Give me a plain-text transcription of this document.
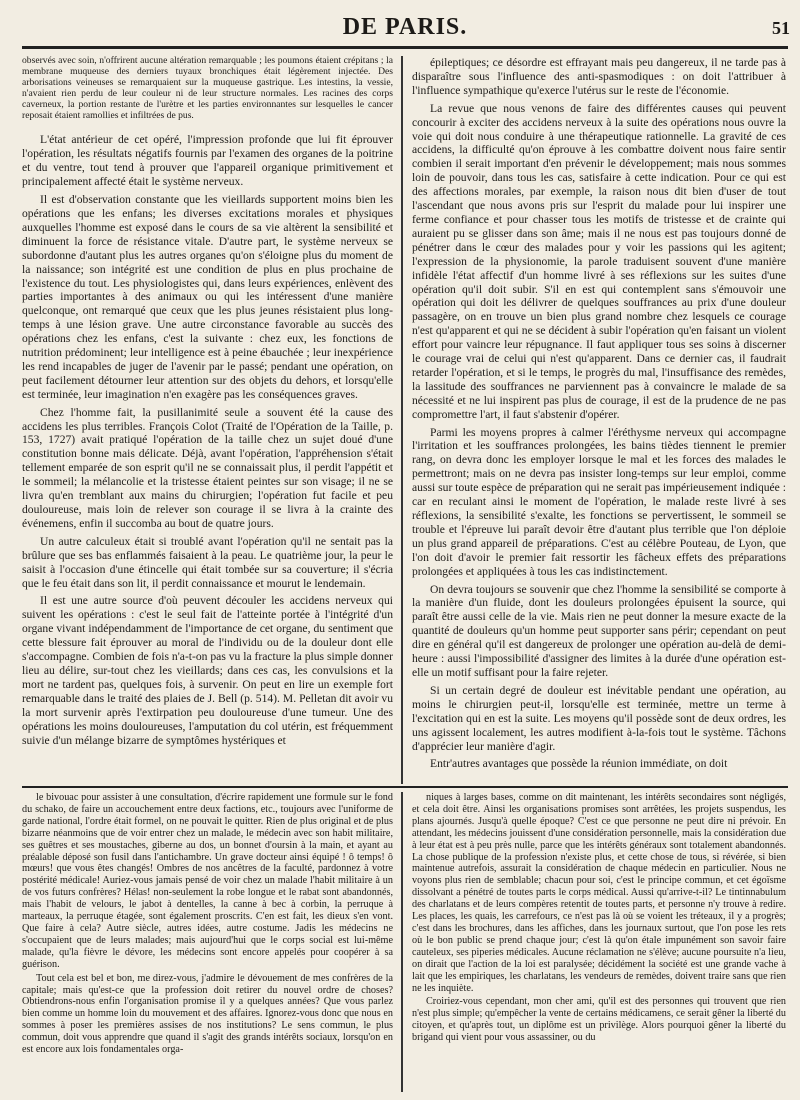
DE PARIS.	51

observés avec soin, n'offrirent aucune altération remarquable ; les poumons étaient crépitans ; la membrane muqueuse des derniers tuyaux bronchiques était légèrement injectée. Des arborisations veineuses se remarquaient sur la muqueuse gastrique. Les intestins, la vessie, n'avaient rien perdu de leur couleur ni de leur structure normales. Les racines des corps caverneux, la portion restante de l'urètre et les parties environnantes sur lesquelles le cancer reposait étaient ramollies et infiltrées de pus.

L'état antérieur de cet opéré, l'impression profonde que lui fit éprouver l'opération, les résultats négatifs fournis par l'examen des organes de la poitrine et du ventre, tout tend à prouver que l'appareil organique primitivement et principalement affecté était le système nerveux.

Il est d'observation constante que les vieillards supportent moins bien les opérations que les enfans; les diverses excitations morales et physiques auxquelles l'homme est exposé dans le cours de sa vie altèrent la sensibilité et diminuent la force de résistance vitale. D'autre part, le système nerveux se subordonne d'autant plus les autres organes qu'on s'éloigne plus du moment de la naissance; son intégrité est une condition de plus en plus prochaine de l'existence du tout. Les physiologistes qui, dans leurs expériences, enlèvent des parties importantes à des animaux ou qui les intéressent d'une manière quelconque, ont remarqué que ceux que les plus jeunes résistaient plus long-temps à une lésion grave. Une autre circonstance favorable au succès des opérations chez les enfans, c'est la suivante : chez eux, les fonctions de nutrition prédominent; leur intelligence est à peine ébauchée ; leur inexpérience les rend incapables de juger de l'avenir par le passé; pendant une opération, on peut facilement détourner leur attention sur des objets du dehors, et lorsqu'elle est terminée, leur imagination n'en exagère pas les conséquences graves.

Chez l'homme fait, la pusillanimité seule a souvent été la cause des accidens les plus terribles. François Colot (Traité de l'Opération de la Taille, p. 153, 1727) avait pratiqué l'opération de la taille chez un sujet doué d'une constitution bonne mais délicate. Déjà, avant l'opération, l'appréhension s'était tellement emparée de son esprit qu'il ne se connaissait plus, il perdit l'appétit et le sommeil; la mélancolie et la tristesse étaient peintes sur son visage; il ne se livra qu'en tremblant aux mains du chirurgien; l'opération fut facile et peu douloureuse, mais loin de relever son courage il se livra à la crainte des événemens, enfin il succomba au bout de quatre jours.

Un autre calculeux était si troublé avant l'opération qu'il ne sentait pas la brûlure que ses bas enflammés faisaient à la peau. Le quatrième jour, la peur le saisit à l'occasion d'une étincelle qui était tombée sur sa couverture; il s'écria que le feu était dans son lit, il perdit connaissance et mourut le lendemain.

Il est une autre source d'où peuvent découler les accidens nerveux qui suivent les opérations : c'est le seul fait de l'atteinte portée à l'intégrité d'un organe vivant indépendamment de l'importance de cet organe, du sentiment que cette blessure fait éprouver au moral de l'individu ou de la douleur dont elle s'accompagne. Combien de fois n'a-t-on pas vu la fracture la plus simple donner lieu au délire, sur-tout chez les vieillards; dans ces cas, les convulsions et la mort ne tardent pas, quelques fois, à survenir. On peut en lire un exemple fort remarquable dans le traité des plaies de J. Bell (p. 514). M. Pelletan dit avoir vu la mort survenir après l'extirpation peu douloureuse d'une tumeur. Une des opérations les moins douloureuses, l'amputation du col utérin, est fréquemment suivie d'un mélange bizarre de symptômes hystériques et

épileptiques; ce désordre est effrayant mais peu dangereux, il ne tarde pas à disparaître sous l'influence des anti-spasmodiques : on doit l'attribuer à l'influence sympathique qu'exerce l'utérus sur le reste de l'économie.

La revue que nous venons de faire des différentes causes qui peuvent concourir à exciter des accidens nerveux à la suite des opérations nous ouvre la voie qui doit nous conduire à une thérapeutique rationnelle. La gravité de ces accidens, la difficulté qu'on éprouve à les combattre doivent nous faire sentir combien il serait important d'en prévenir le développement; mais nous sommes loin de pouvoir, dans tous les cas, satisfaire à cette indication. Pour ce qui est des affections morales, par exemple, la raison nous dit bien d'user de tout l'ascendant que nous avons pris sur l'esprit du malade pour lui inspirer une ferme confiance et pour chasser tous les motifs de tristesse et de crainte qui auraient pu se glisser dans son âme; mais il ne nous est pas toujours donné de pénétrer dans le cœur des malades pour y voir les passions qui les agitent; l'expression de la physionomie, la parole traduisent souvent d'une manière infidèle l'état affectif d'un homme livré à ses réflexions sur les suites d'une opération qu'il doit subir. S'il en est qui contemplent sans s'émouvoir une opération qui doit les délivrer de quelques souffrances au prix d'une douleur passagère, on en trouve un bien plus grand nombre chez lesquels ce courage n'est qu'apparent et qui ne se décident à subir l'opération qu'en faisant un violent effort pour vaincre leur répugnance. Il faut appliquer tous ses soins à discerner le courage vrai de celui qui n'est qu'apparent. Dans ce dernier cas, il faudrait retarder l'opération, et si le temps, le progrès du mal, l'insuffisance des remèdes, la lassitude des souffrances ne parviennent pas à convaincre le malade de sa nécessité et ne lui inspirent pas plus de courage, il est de la prudence de ne pas compromettre l'art, il faut s'abstenir d'opérer.

Parmi les moyens propres à calmer l'éréthysme nerveux qui accompagne l'irritation et les souffrances prolongées, les bains tièdes tiennent le premier rang, on devra donc les employer lorsque le mal et les forces des malades le permettront; mais on ne devra pas insister long-temps sur leur emploi, comme aussi sur toute espèce de préparation qui ne serait pas impérieusement indiquée : car en reculant ainsi le moment de l'opération, le malade reste livré à ses réflexions, la sensibilité s'exalte, les fonctions se pervertissent, le sommeil se trouble et l'épreuve lui paraît devoir être d'autant plus terrible que l'on déploie un plus grand appareil de préparations. C'est au célèbre Pouteau, de Lyon, que l'on doit d'avoir le premier fait ressortir les fâcheux effets des préparations prolongées et appliquées à tous les cas indistinctement.

On devra toujours se souvenir que chez l'homme la sensibilité se comporte à la manière d'un fluide, dont les douleurs prolongées épuisent la source, qui paraît être aussi celle de la vie. Mais rien ne peut donner la mesure exacte de la quantité de douleurs qu'un homme peut supporter sans périr; cependant on peut dire en général qu'il est dangereux de prolonger une opération au-delà de demi-heure : aussi l'impossibilité d'assigner des limites à la durée d'une opération est-elle un motif suffisant pour la faire rejeter.

Si un certain degré de douleur est inévitable pendant une opération, au moins le chirurgien peut-il, lorsqu'elle est terminée, mettre un terme à l'excitation qui en est la suite. Les moyens qu'il possède sont de deux ordres, les uns agissent localement, les autres modifient à-la-fois tout le système. Tâchons d'apprécier leur manière d'agir.

Entr'autres avantages que possède la réunion immédiate, on doit

le bivouac pour assister à une consultation, d'écrire rapidement une formule sur le fond du schako, de faire un accouchement entre deux factions, etc., toujours avec l'uniforme de garde national, l'ordre était formel, on ne pouvait le quitter. Rien de plus original et de plus bizarre néanmoins que de voir entrer chez un malade, le médecin avec son habit militaire, ses guêtres et ses moustaches, giberne au dos, un bonnet d'oursin à la main, et ayant au préalable déposé son fusil dans l'antichambre. Un grave docteur ainsi équipé ! ô temps! ô mœurs! que vous êtes changés! Ombres de nos ancêtres de la faculté, pardonnez à votre postérité médicale! Auriez-vous jamais pensé de voir chez un malade l'habit militaire à un de vos futurs confrères? Hélas! non-seulement la robe longue et le rabat sont abandonnés, mais l'habit de velours, le jabot à dentelles, la canne à bec à corbin, la perruque à marteaux, la perruque étagée, sont également proscrits. C'en est fait, les dieux s'en vont. Que faire à cela? Autre siècle, autres idées, autre costume. Jadis les médecins ne s'occupaient que de leurs malades; mais aujourd'hui que le corps social est lui-même malade, qu'la fièvre le dévore, les médecins sont encore appelés pour coopérer à sa guérison.

Tout cela est bel et bon, me direz-vous, j'admire le dévouement de mes confrères de la capitale; mais qu'est-ce que la profession doit retirer du nouvel ordre de choses? Obtiendrons-nous enfin l'organisation promise il y a quelques années? Que vous parlez bien comme un homme loin du mouvement et des affaires. Ignorez-vous donc que nous en sommes à poser les premières assises de nos institutions? Le sens commun, le plus commun, doit vous apprendre que quand il s'agit des grands intérêts sociaux, lorsqu'on en est encore aux lois fondamentales orga-

niques à larges bases, comme on dit maintenant, les intérêts secondaires sont négligés, et cela doit être. Ainsi les organisations promises sont arrêtées, les projets suspendus, les plans ajournés. Jusqu'à quelle époque? C'est ce que personne ne peut dire ni prévoir. En attendant, les médecins jouissent d'une considération personnelle, mais la considération due à leur état est à peu près nulle, parce que les intérêts généraux sont totalement abandonnés. La chose publique de la profession n'existe plus, et cette chose de tous, si révérée, si bien maintenue autrefois, assurait la considération de chaque médecin en particulier. Nous ne voyons plus rien de semblable; chacun pour soi, c'est le principe commun, et cet égoïsme dissolvant a pénétré de toutes parts le corps médical. Aussi qu'arrive-t-il? Le tintinnabulum des charlatans et de leurs compères retentit de toutes parts, et personne n'y trouve à redire. Les places, les quais, les carrefours, ce n'est pas là où se voient les tréteaux, il y a progrès; c'est dans les brochures, dans les affiches, dans les journaux surtout, que l'on pose les rets où le bon public se prend chaque jour; c'est là qu'on étale impunément son savoir faire cauteleux, ses piperies médicales. Aucune réclamation ne s'élève; aucune poursuite n'a lieu, on dirait que l'action de la loi est paralysée; décidément la société est une grande vache à lait que les empiriques, les charlatans, les vendeurs de remèdes, doivent traire sans que rien ne les inquiète.

Croiriez-vous cependant, mon cher ami, qu'il est des personnes qui trouvent que rien n'est plus simple; qu'empêcher la vente de certains médicamens, ce serait gêner la liberté du citoyen, et qu'après tout, un diplôme est un privilège. Alors pourquoi gêner la liberté du brigand qui vient pour vous assassiner, ou du
